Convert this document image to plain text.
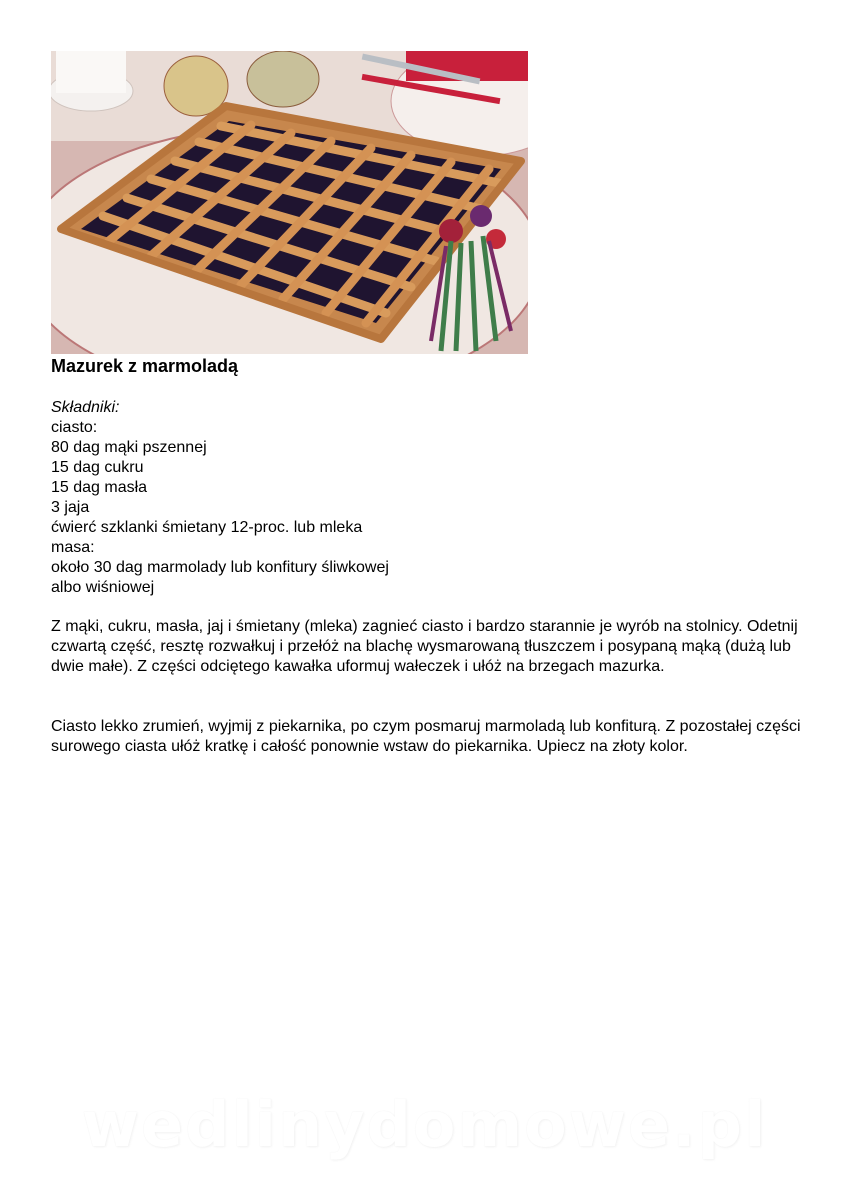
Mazurek z marmoladą
Składniki:
ciasto:
80 dag mąki pszennej
15 dag cukru
15 dag masła
3 jaja
ćwierć szklanki śmietany 12-proc. lub mleka
masa:
około 30 dag marmolady lub konfitury śliwkowej
albo wiśniowej

Z mąki, cukru, masła, jaj i śmietany (mleka) zagnieć ciasto i bardzo starannie je wyrób na stolnicy. Odetnij czwartą część, resztę rozwałkuj i przełóż na blachę wysmarowaną tłuszczem i posypaną mąką (dużą lub dwie małe). Z części odciętego kawałka uformuj wałeczek i ułóż na brzegach mazurka.

Ciasto lekko zrumień, wyjmij z piekarnika, po czym posmaruj marmoladą lub konfiturą. Z pozostałej części surowego ciasta ułóż kratkę i całość ponownie wstaw do piekarnika. Upiecz na złoty kolor.

wedlinydomowe.pl
